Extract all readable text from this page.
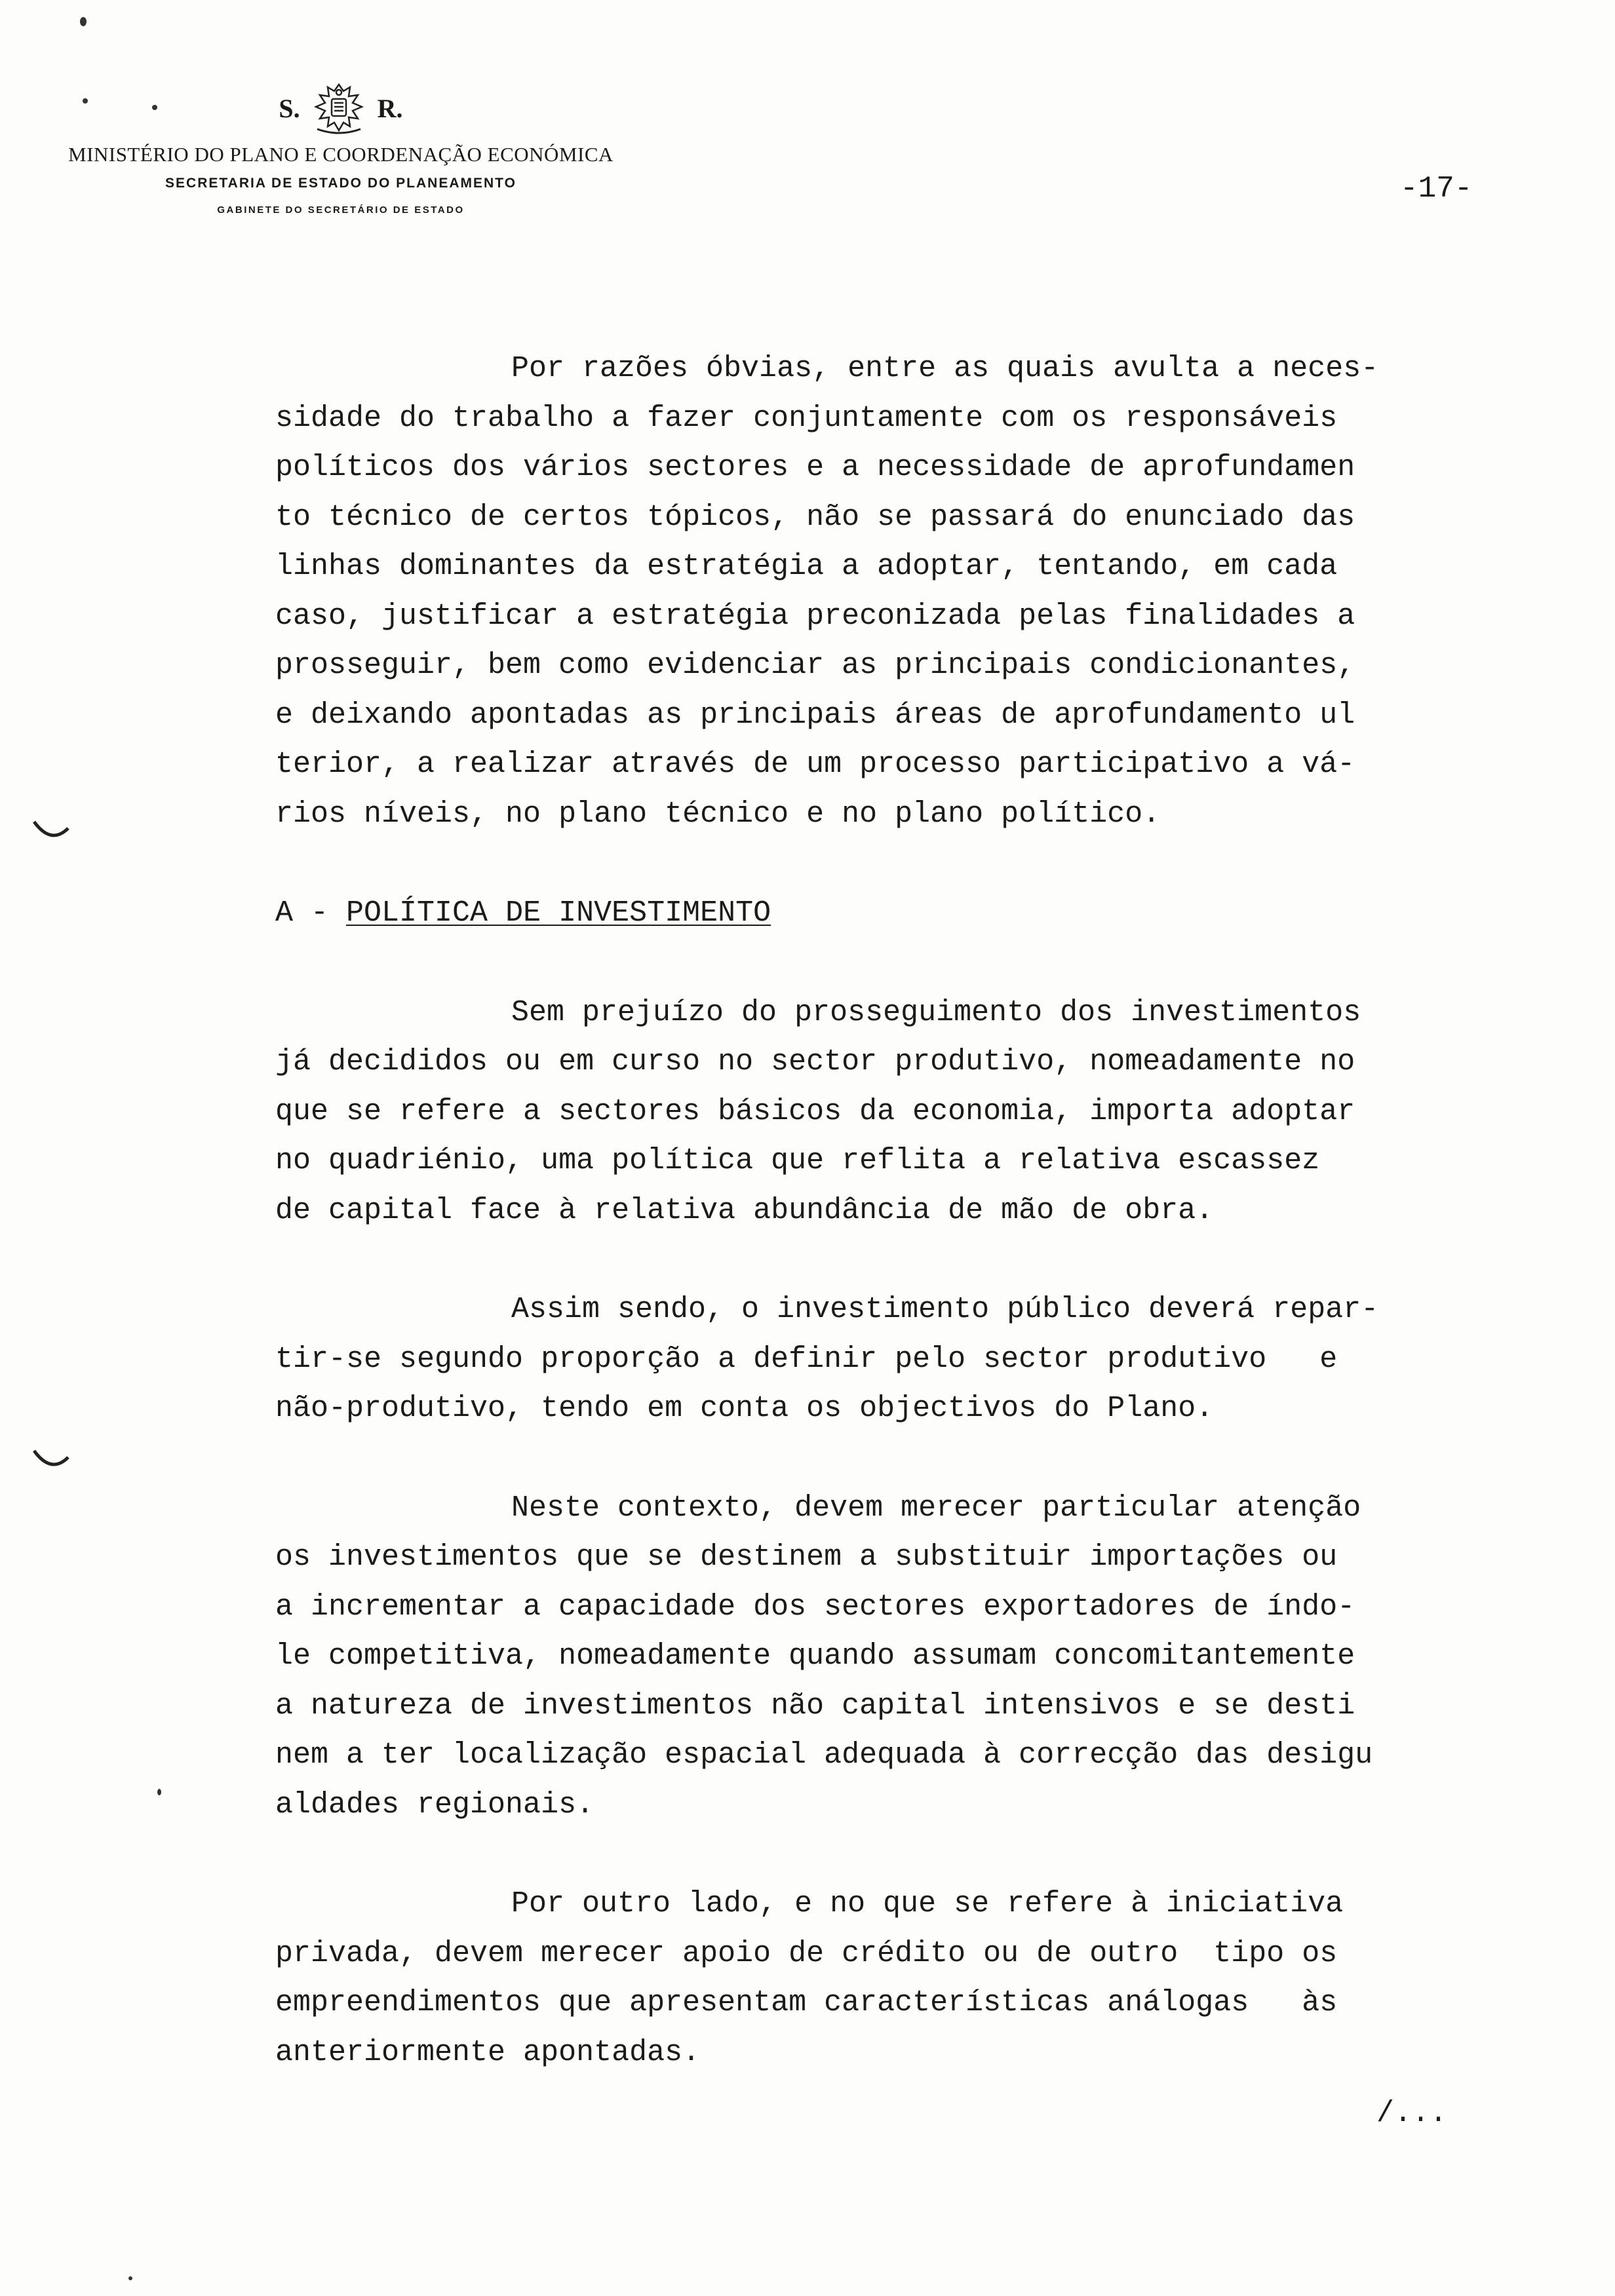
S.	R.
MINISTÉRIO DO PLANO E COORDENAÇÃO ECONÓMICA
SECRETARIA DE ESTADO DO PLANEAMENTO
GABINETE DO SECRETÁRIO DE ESTADO
-17-
Por razões óbvias, entre as quais avulta a neces-
sidade do trabalho a fazer conjuntamente com os responsáveis
políticos dos vários sectores e a necessidade de aprofundamen
to técnico de certos tópicos, não se passará do enunciado das
linhas dominantes da estratégia a adoptar, tentando, em cada
caso, justificar a estratégia preconizada pelas finalidades a
prosseguir, bem como evidenciar as principais condicionantes,
e deixando apontadas as principais áreas de aprofundamento ul
terior, a realizar através de um processo participativo a vá-
rios níveis, no plano técnico e no plano político.
A - POLÍTICA DE INVESTIMENTO
Sem prejuízo do prosseguimento dos investimentos
já decididos ou em curso no sector produtivo, nomeadamente no
que se refere a sectores básicos da economia, importa adoptar
no quadriénio, uma política que reflita a relativa escassez
de capital face à relativa abundância de mão de obra.
Assim sendo, o investimento público deverá repar-
tir-se segundo proporção a definir pelo sector produtivo   e
não-produtivo, tendo em conta os objectivos do Plano.
Neste contexto, devem merecer particular atenção
os investimentos que se destinem a substituir importações ou
a incrementar a capacidade dos sectores exportadores de índo-
le competitiva, nomeadamente quando assumam concomitantemente
a natureza de investimentos não capital intensivos e se desti
nem a ter localização espacial adequada à correcção das desigu
aldades regionais.
Por outro lado, e no que se refere à iniciativa
privada, devem merecer apoio de crédito ou de outro  tipo os
empreendimentos que apresentam características análogas   às
anteriormente apontadas.
/...
